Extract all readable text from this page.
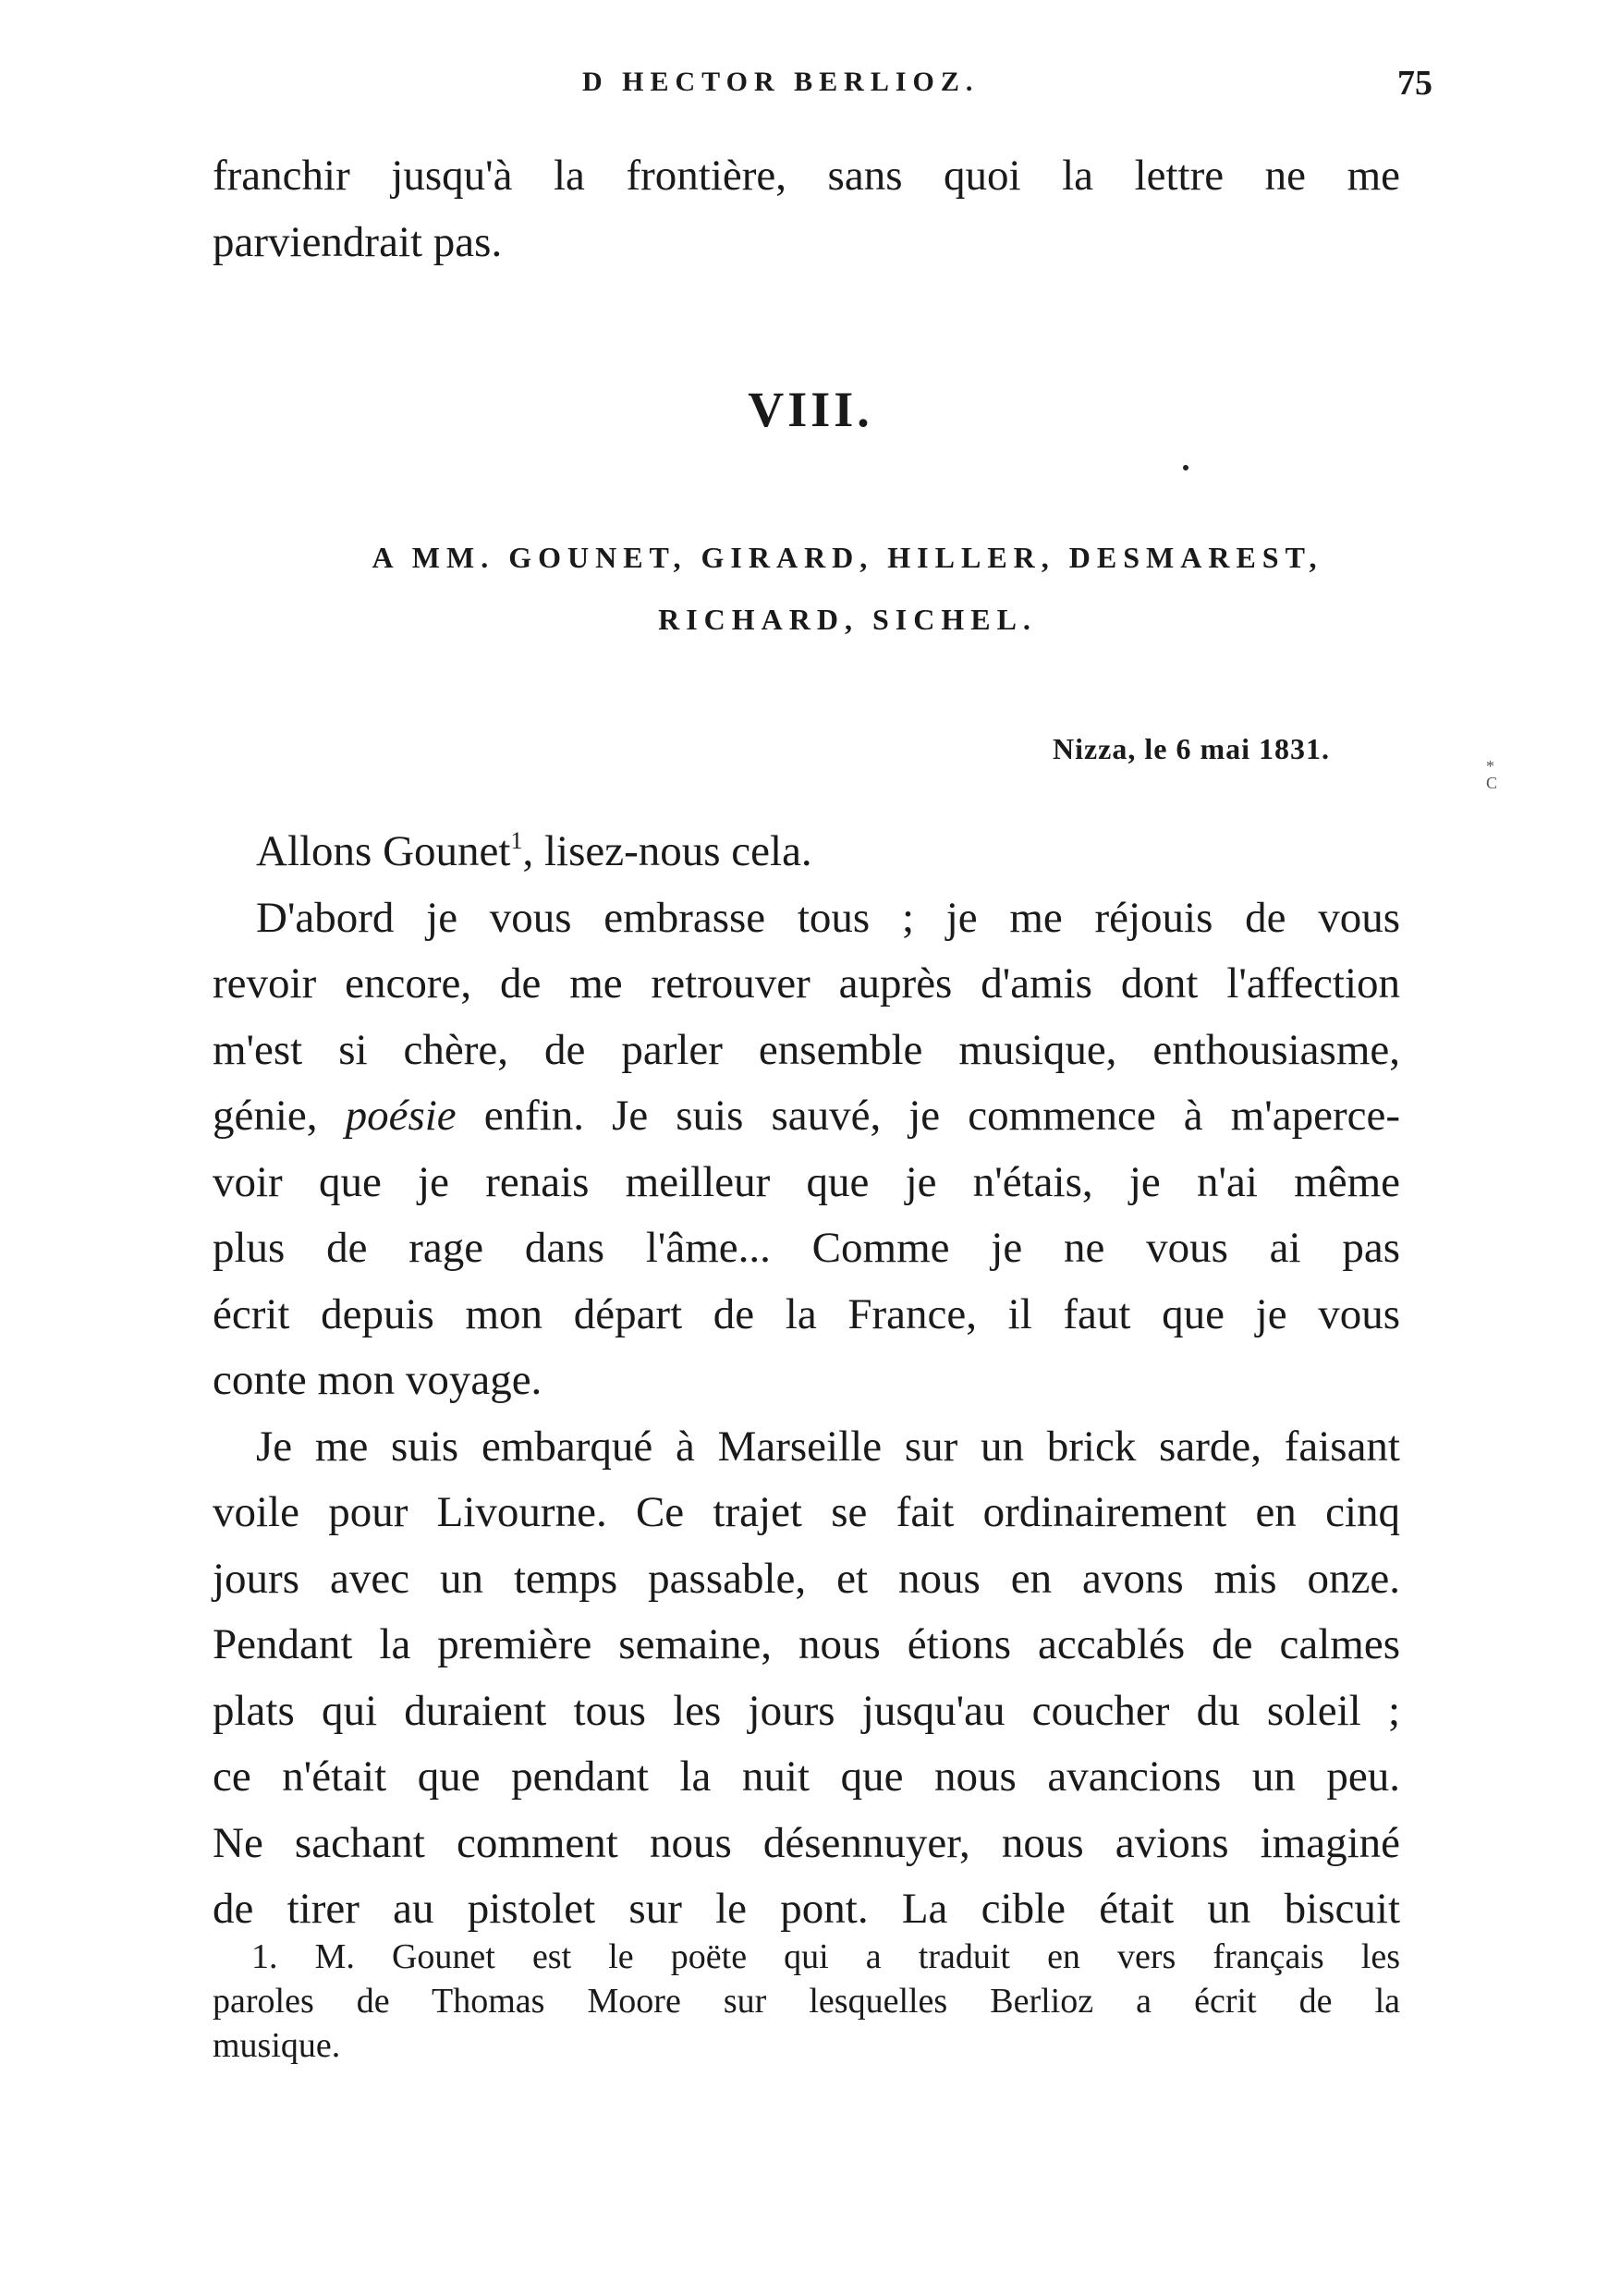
D HECTOR BERLIOZ.	75
franchir jusqu'à la frontière, sans quoi la lettre ne me
parviendrait pas.
VIII.
A MM. GOUNET, GIRARD, HILLER, DESMAREST,
RICHARD, SICHEL.
Nizza, le 6 mai 1831.
* C
Allons Gounet$^1$, lisez-nous cela.
D'abord je vous embrasse tous ; je me réjouis de vous
revoir encore, de me retrouver auprès d'amis dont l'affection
m'est si chère, de parler ensemble musique, enthousiasme,
génie, poésie enfin. Je suis sauvé, je commence à m'aperce-
voir que je renais meilleur que je n'étais, je n'ai même
plus de rage dans l'âme... Comme je ne vous ai pas
écrit depuis mon départ de la France, il faut que je vous
conte mon voyage.
Je me suis embarqué à Marseille sur un brick sarde, faisant
voile pour Livourne. Ce trajet se fait ordinairement en cinq
jours avec un temps passable, et nous en avons mis onze.
Pendant la première semaine, nous étions accablés de calmes
plats qui duraient tous les jours jusqu'au coucher du soleil ;
ce n'était que pendant la nuit que nous avancions un peu.
Ne sachant comment nous désennuyer, nous avions imaginé
de tirer au pistolet sur le pont. La cible était un biscuit
1. M. Gounet est le poëte qui a traduit en vers français les
paroles de Thomas Moore sur lesquelles Berlioz a écrit de la
musique.
